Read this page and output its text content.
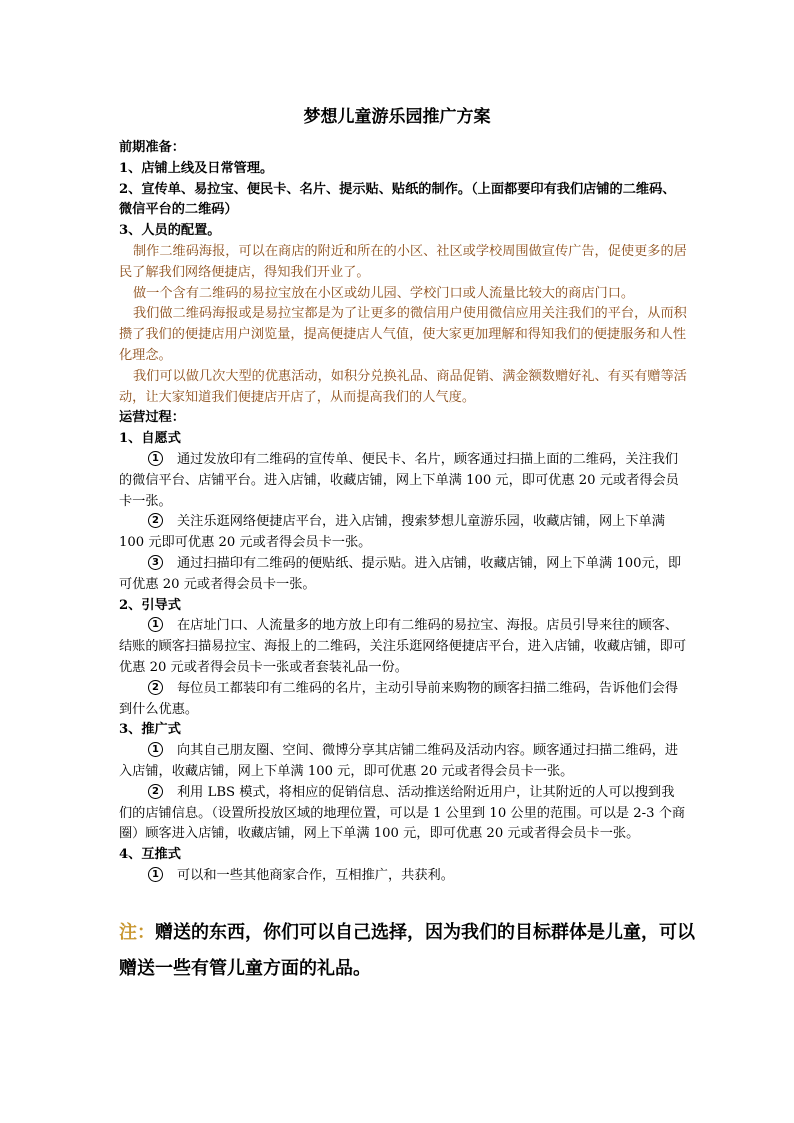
梦想儿童游乐园推广方案

前期准备：

1、店铺上线及日常管理。

2、宣传单、易拉宝、便民卡、名片、提示贴、贴纸的制作。（上面都要印有我们店铺的二维码、微信平台的二维码）

3、人员的配置。

制作二维码海报，可以在商店的附近和所在的小区、社区或学校周围做宣传广告，促使更多的居民了解我们网络便捷店，得知我们开业了。

做一个含有二维码的易拉宝放在小区或幼儿园、学校门口或人流量比较大的商店门口。

我们做二维码海报或是易拉宝都是为了让更多的微信用户使用微信应用关注我们的平台，从而积攒了我们的便捷店用户浏览量，提高便捷店人气值，使大家更加理解和得知我们的便捷服务和人性化理念。

我们可以做几次大型的优惠活动，如积分兑换礼品、商品促销、满金额数赠好礼、有买有赠等活动，让大家知道我们便捷店开店了，从而提高我们的人气度。

运营过程：

1、自愿式

1 通过发放印有二维码的宣传单、便民卡、名片，顾客通过扫描上面的二维码，关注我们的微信平台、店铺平台。进入店铺，收藏店铺，网上下单满 100 元，即可优惠 20 元或者得会员卡一张。

2 关注乐逛网络便捷店平台，进入店铺，搜索梦想儿童游乐园，收藏店铺，网上下单满 100 元即可优惠 20 元或者得会员卡一张。

3 通过扫描印有二维码的便贴纸、提示贴。进入店铺，收藏店铺，网上下单满 100元，即可优惠 20 元或者得会员卡一张。

2、引导式

1 在店址门口、人流量多的地方放上印有二维码的易拉宝、海报。店员引导来往的顾客、结账的顾客扫描易拉宝、海报上的二维码，关注乐逛网络便捷店平台，进入店铺，收藏店铺，即可优惠 20 元或者得会员卡一张或者套装礼品一份。

2 每位员工都装印有二维码的名片，主动引导前来购物的顾客扫描二维码，告诉他们会得到什么优惠。

3、推广式

1 向其自己朋友圈、空间、微博分享其店铺二维码及活动内容。顾客通过扫描二维码，进入店铺，收藏店铺，网上下单满 100 元，即可优惠 20 元或者得会员卡一张。

2 利用 LBS 模式，将相应的促销信息、活动推送给附近用户，让其附近的人可以搜到我们的店铺信息。（设置所投放区域的地理位置，可以是 1 公里到 10 公里的范围。可以是 2-3 个商圈）顾客进入店铺，收藏店铺，网上下单满 100 元，即可优惠 20 元或者得会员卡一张。

4、互推式

1 可以和一些其他商家合作，互相推广，共获利。

注：赠送的东西，你们可以自己选择，因为我们的目标群体是儿童，可以赠送一些有管儿童方面的礼品。
